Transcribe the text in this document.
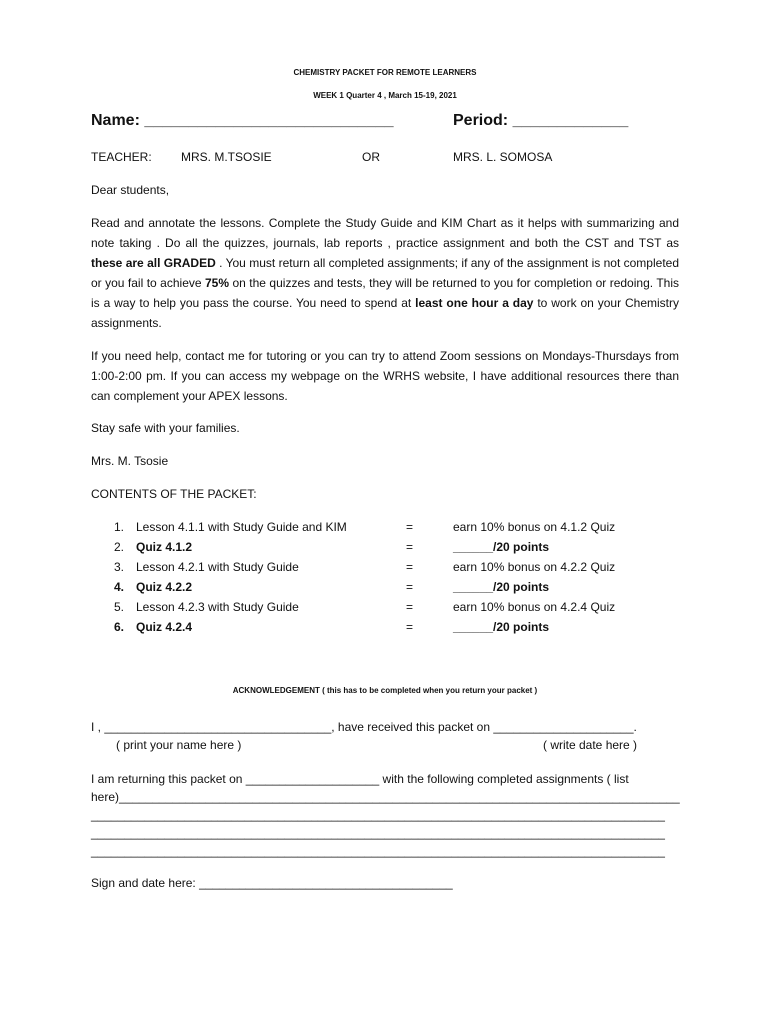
CHEMISTRY PACKET FOR REMOTE LEARNERS
WEEK 1 Quarter 4 , March 15-19, 2021
Name: ____________________________	Period: _____________
TEACHER: MRS. M.TSOSIE	OR	MRS. L. SOMOSA
Dear students,
Read and annotate the lessons. Complete the Study Guide and KIM Chart as it helps with summarizing and note taking . Do all the quizzes, journals, lab reports , practice assignment and both the CST and TST as these are all GRADED . You must return all completed assignments; if any of the assignment is not completed or you fail to achieve 75% on the quizzes and tests, they will be returned to you for completion or redoing. This is a way to help you pass the course. You need to spend at least one hour a day to work on your Chemistry assignments.
If you need help, contact me for tutoring or you can try to attend Zoom sessions on Mondays-Thursdays from 1:00-2:00 pm. If you can access my webpage on the WRHS website, I have additional resources there than can complement your APEX lessons.
Stay safe with your families.
Mrs. M. Tsosie
CONTENTS OF THE PACKET:
1. Lesson 4.1.1 with Study Guide and KIM	=	earn 10% bonus on 4.1.2 Quiz
2. Quiz 4.1.2	=	______/20 points
3. Lesson 4.2.1 with Study Guide	=	earn 10% bonus on 4.2.2 Quiz
4. Quiz 4.2.2	=	______/20 points
5. Lesson 4.2.3 with Study Guide	=	earn 10% bonus on 4.2.4 Quiz
6. Quiz 4.2.4	=	______/20 points
ACKNOWLEDGEMENT ( this has to be completed when you return your packet )
I , __________________________________, have received this packet on _____________________.
( print your name here )	( write date here )
I am returning this packet on ____________________ with the following completed assignments ( list
here)____________________________________________________________________________________
______________________________________________________________________________________
______________________________________________________________________________________
______________________________________________________________________________________
Sign and date here: ______________________________________
